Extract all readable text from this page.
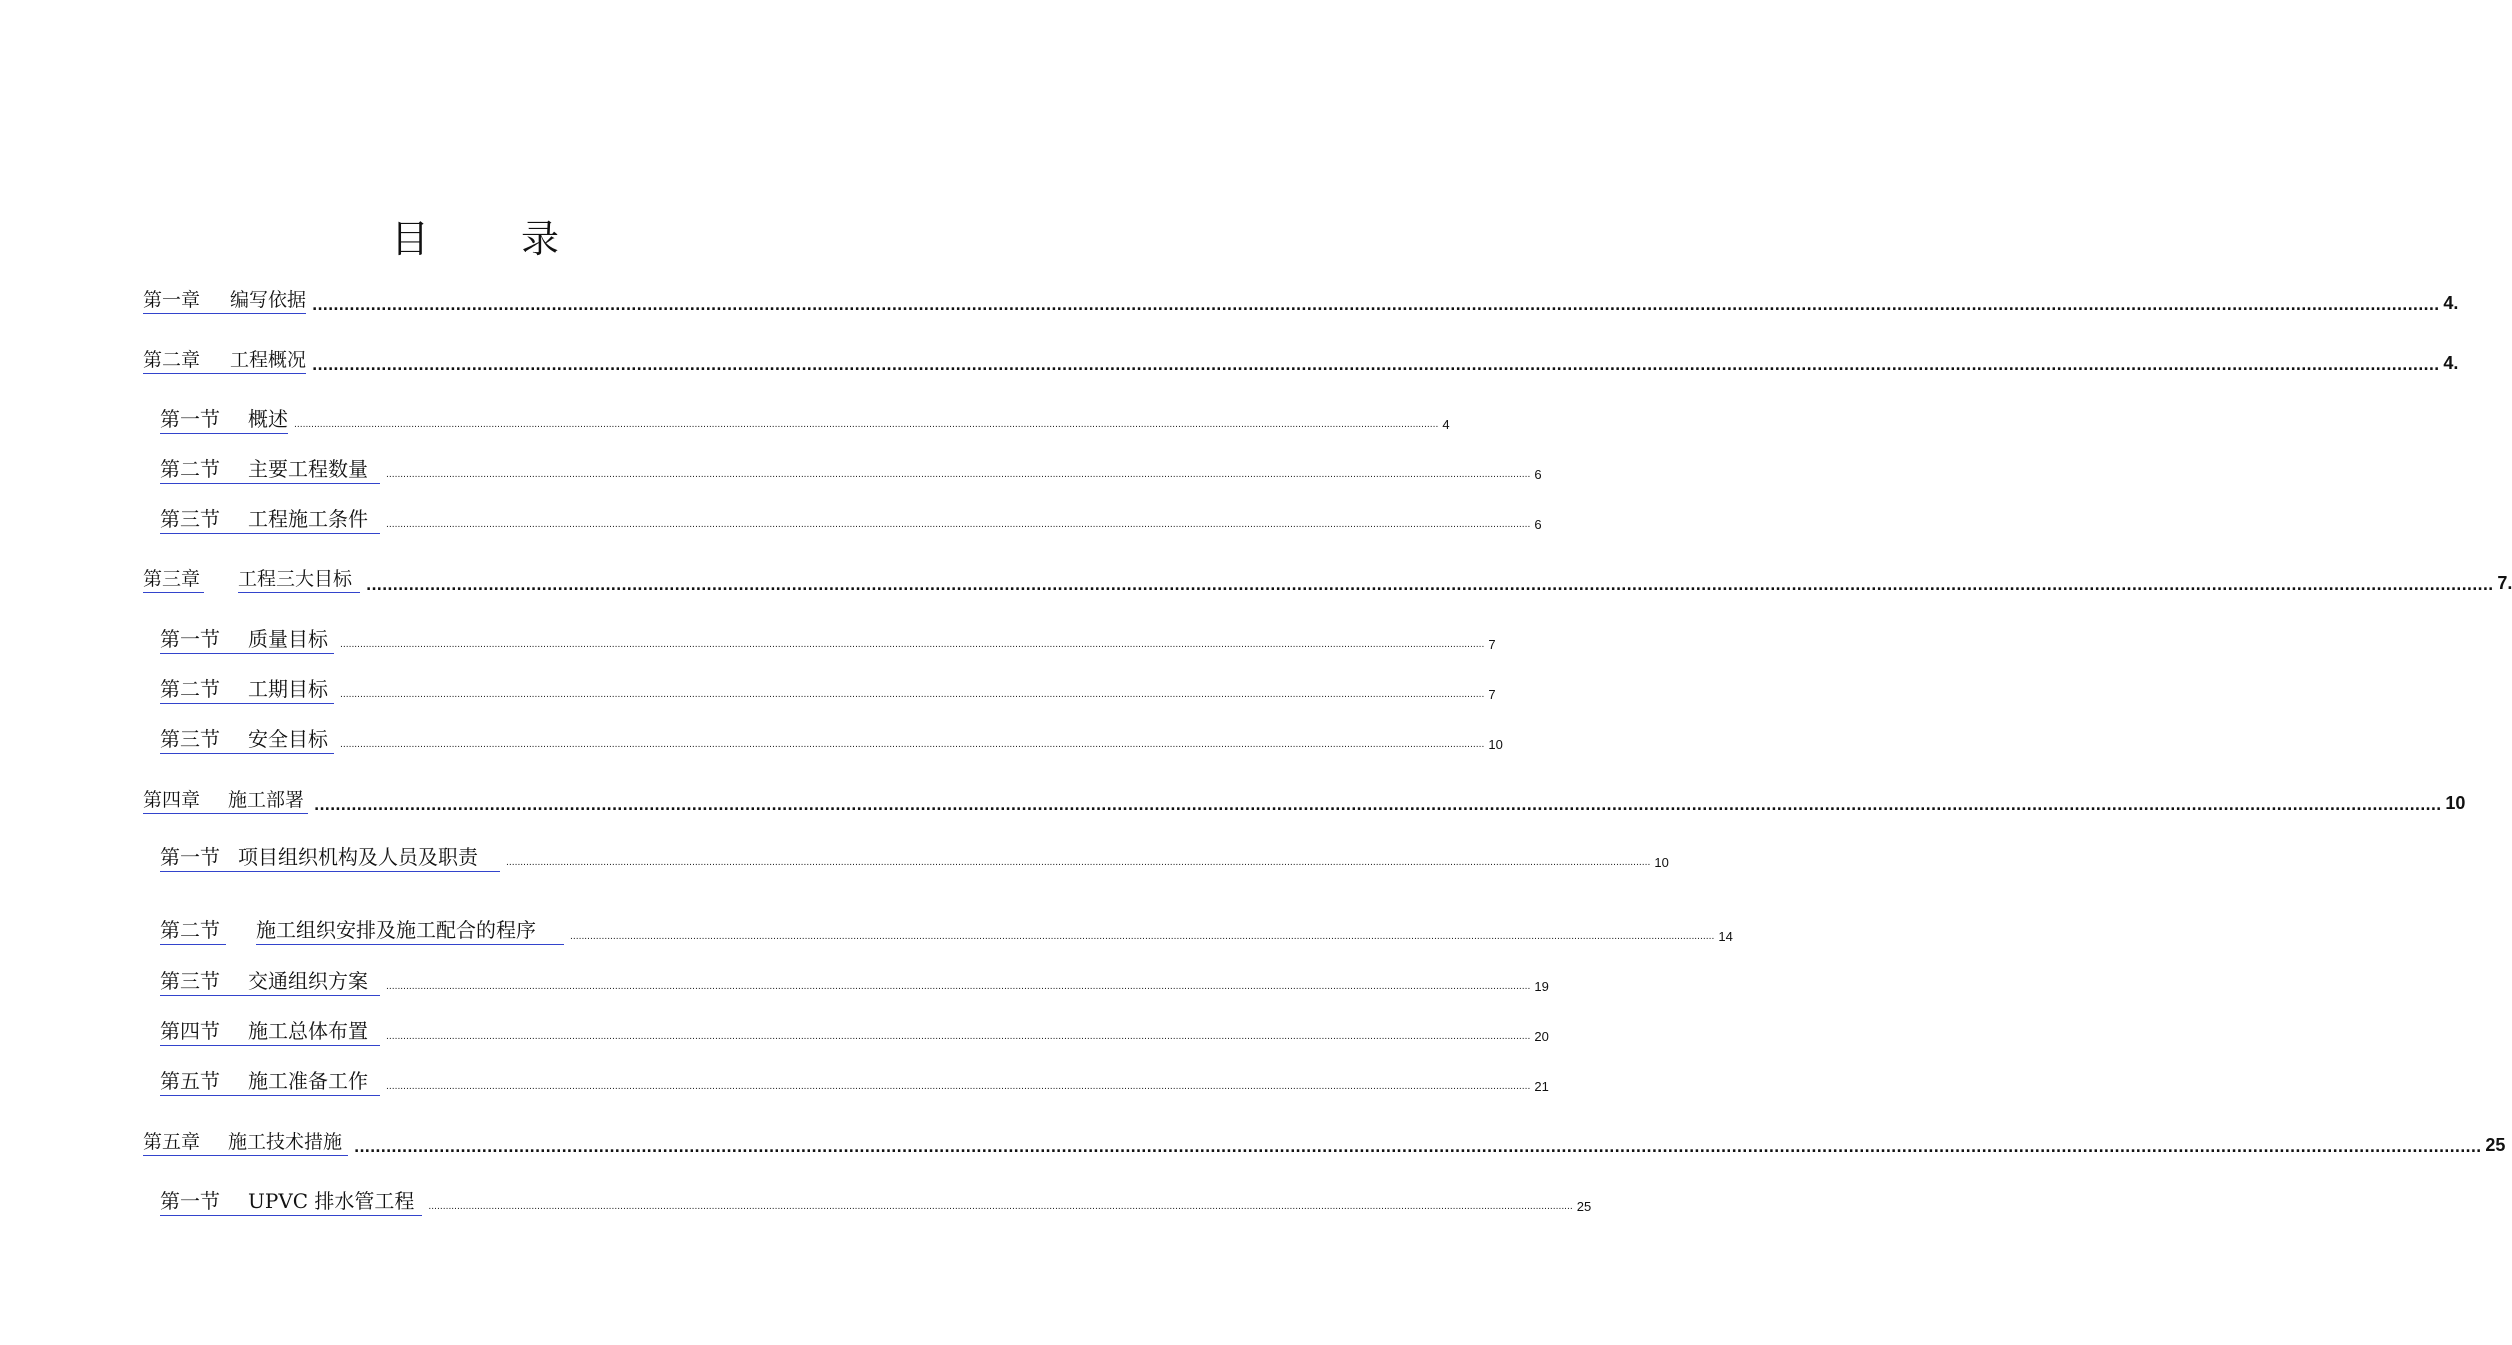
目 录
第一章 编写依据 ................................................................................................................................................................................................................................................................................................................................................................................................................ 4.
第二章 工程概况 ................................................................................................................................................................................................................................................................................................................................................................................................................ 4.
第一节 概述 ................................................................................................................................................................................................................................................................................................................................................................................................................ 4
第二节 主要工程数量 ................................................................................................................................................................................................................................................................................................................................................................................................................ 6
第三节 工程施工条件 ................................................................................................................................................................................................................................................................................................................................................................................................................ 6
第三章 工程三大目标	................................................................................................................................................................................................................................................................................................................................................................................................................ 7.
第一节 质量目标 ................................................................................................................................................................................................................................................................................................................................................................................................................ 7
第二节 工期目标 ................................................................................................................................................................................................................................................................................................................................................................................................................ 7
第三节 安全目标 ................................................................................................................................................................................................................................................................................................................................................................................................................ 10
第四章 施工部署 ................................................................................................................................................................................................................................................................................................................................................................................................................ 10
第一节 项目组织机构及人员及职责	................................................................................................................................................................................................................................................................................................................................................................................................................ 10
第二节	施工组织安排及施工配合的程序	................................................................................................................................................................................................................................................................................................................................................................................................................ 14
第三节 交通组织方案 ................................................................................................................................................................................................................................................................................................................................................................................................................ 19
第四节 施工总体布置 ................................................................................................................................................................................................................................................................................................................................................................................................................ 20
第五节 施工准备工作 ................................................................................................................................................................................................................................................................................................................................................................................................................ 21
第五章 施工技术措施 ................................................................................................................................................................................................................................................................................................................................................................................................................ 25
第一节 UPVC 排水管工程 ................................................................................................................................................................................................................................................................................................................................................................................................................ 25
